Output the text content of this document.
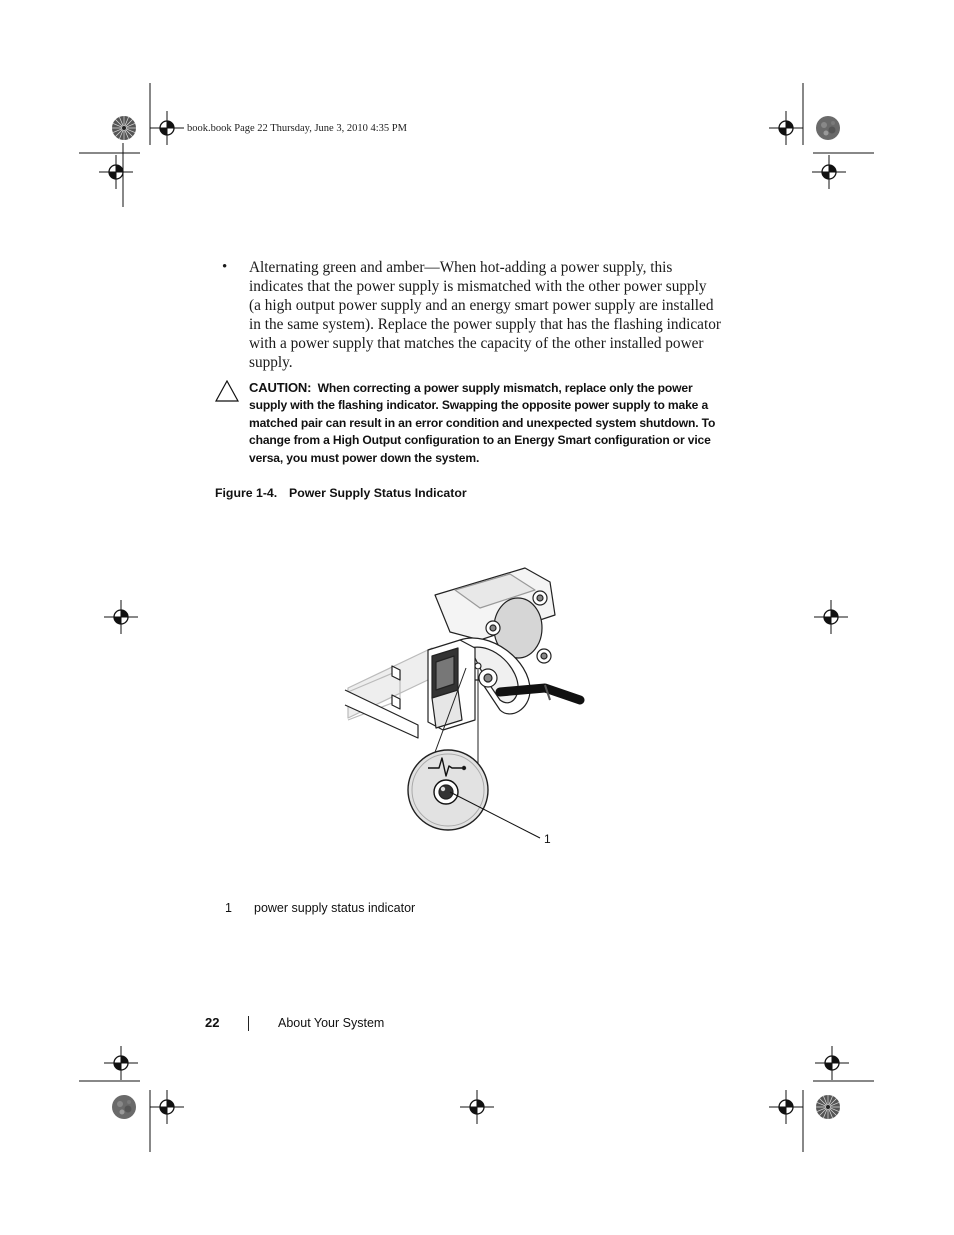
book.book Page 22 Thursday, June 3, 2010 4:35 PM
• Alternating green and amber—When hot-adding a power supply, this indicates that the power supply is mismatched with the other power supply (a high output power supply and an energy smart power supply are installed in the same system). Replace the power supply that has the flashing indicator with a power supply that matches the capacity of the other installed power supply.
CAUTION: When correcting a power supply mismatch, replace only the power supply with the flashing indicator. Swapping the opposite power supply to make a matched pair can result in an error condition and unexpected system shutdown. To change from a High Output configuration to an Energy Smart configuration or vice versa, you must power down the system.
Figure 1-4. Power Supply Status Indicator
1
1 power supply status indicator
22	About Your System
